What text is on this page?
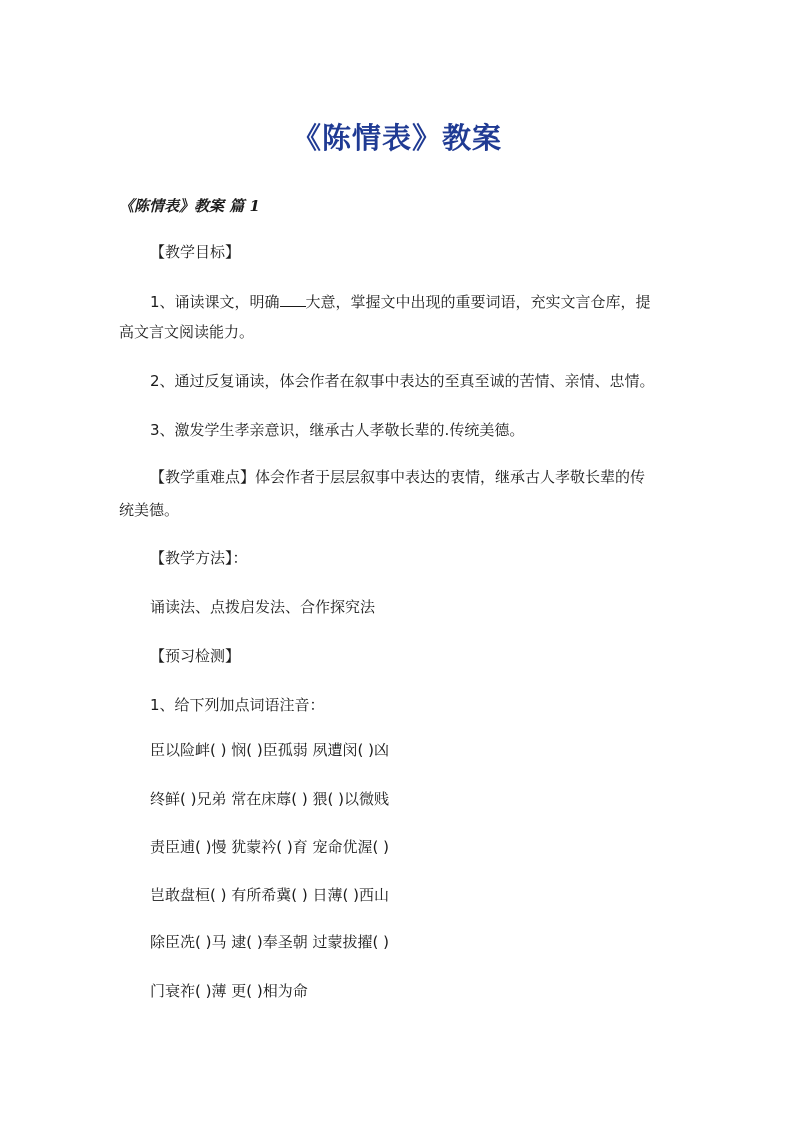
《陈情表》教案
《陈情表》教案 篇 1
【教学目标】
1、诵读课文，明确 大意，掌握文中出现的重要词语，充实文言仓库，提
高文言文阅读能力。
2、通过反复诵读，体会作者在叙事中表达的至真至诚的苦情、亲情、忠情。
3、激发学生孝亲意识，继承古人孝敬长辈的.传统美德。
【教学重难点】体会作者于层层叙事中表达的衷情，继承古人孝敬长辈的传
统美德。
【教学方法】：
诵读法、点拨启发法、合作探究法
【预习检测】
1、给下列加点词语注音：
臣以险衅( ) 悯( )臣孤弱 夙遭闵( )凶
终鲜( )兄弟 常在床蓐( ) 猥( )以微贱
责臣逋( )慢 犹蒙衿( )育 宠命优渥( )
岂敢盘桓( ) 有所希冀( ) 日薄( )西山
除臣冼( )马 逮( )奉圣朝 过蒙拔擢( )
门衰祚( )薄 更( )相为命
